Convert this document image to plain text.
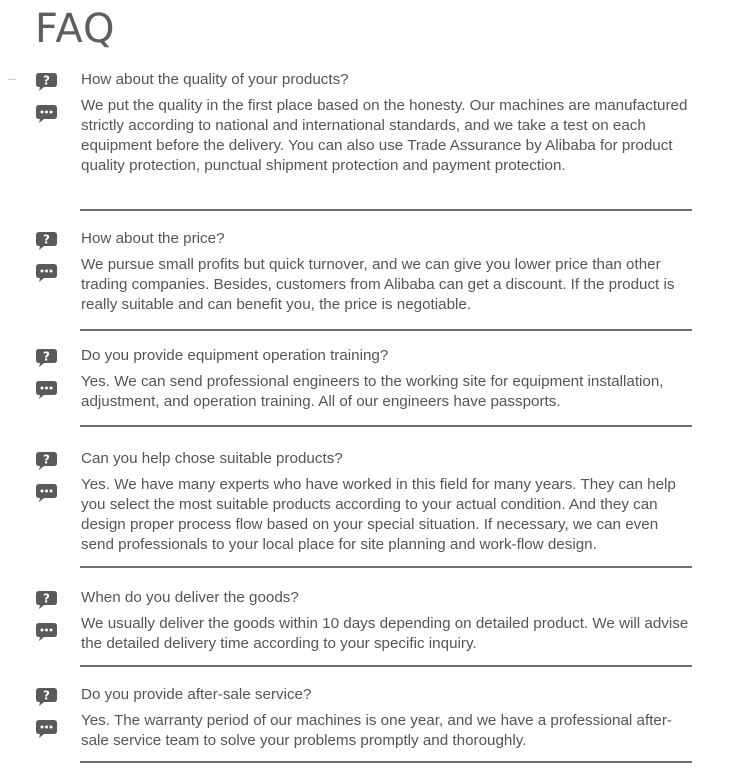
FAQ
? How about the quality of your products?
We put the quality in the first place based on the honesty. Our machines are manufactured strictly according to national and international standards, and we take a test on each equipment before the delivery. You can also use Trade Assurance by Alibaba for product quality protection, punctual shipment protection and payment protection.
? How about the price?
We pursue small profits but quick turnover, and we can give you lower price than other trading companies. Besides, customers from Alibaba can get a discount. If the product is really suitable and can benefit you, the price is negotiable.
? Do you provide equipment operation training?
Yes. We can send professional engineers to the working site for equipment installation, adjustment, and operation training. All of our engineers have passports.
? Can you help chose suitable products?
Yes. We have many experts who have worked in this field for many years. They can help you select the most suitable products according to your actual condition. And they can design proper process flow based on your special situation. If necessary, we can even send professionals to your local place for site planning and work-flow design.
? When do you deliver the goods?
We usually deliver the goods within 10 days depending on detailed product. We will advise the detailed delivery time according to your specific inquiry.
? Do you provide after-sale service?
Yes. The warranty period of our machines is one year, and we have a professional after-sale service team to solve your problems promptly and thoroughly.
